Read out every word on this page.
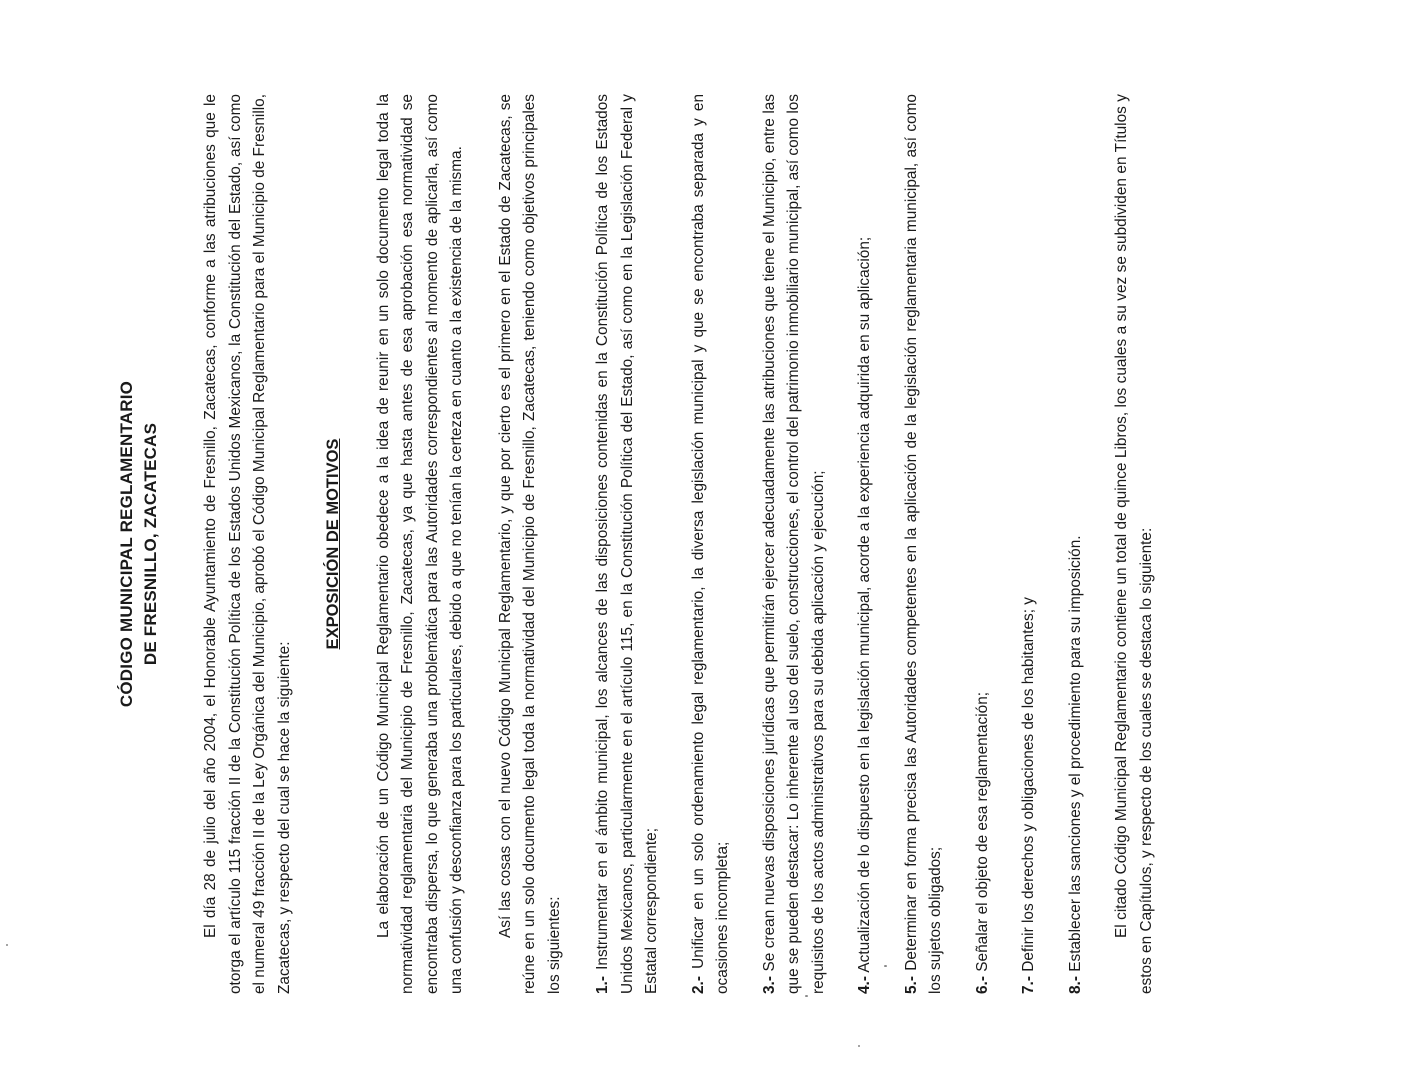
CÓDIGO MUNICIPAL REGLAMENTARIO DE FRESNILLO, ZACATECAS	El día 28 de julio del año 2004, el Honorable Ayuntamiento de Fresnillo, Zacatecas, conforme a las atribuciones que le otorga el artículo 115 fracción II de la Constitución Política de los Estados Unidos Mexicanos, la Constitución del Estado, así como el numeral 49 fracción II de la Ley Orgánica del Municipio, aprobó el Código Municipal Reglamentario para el Municipio de Fresnillo, Zacatecas, y respecto del cual se hace la siguiente:

EXPOSICIÓN DE MOTIVOS La elaboración de un Código Municipal Reglamentario obedece a la idea de reunir en un solo documento legal toda la normatividad reglamentaria del Municipio de Fresnillo, Zacatecas, ya que hasta antes de esa aprobación esa normatividad se encontraba dispersa, lo que generaba una problemática para las Autoridades correspondientes al momento de aplicarla, así como una confusión y desconfianza para los particulares, debido a que no tenían la certeza en cuanto a la existencia de la misma. Así las cosas con el nuevo Código Municipal Reglamentario, y que por cierto es el primero en el Estado de Zacatecas, se reúne en un solo documento legal toda la normatividad del Municipio de Fresnillo, Zacatecas, teniendo como objetivos principales los siguientes: 1.- Instrumentar en el ámbito municipal, los alcances de las disposiciones contenidas en la Constitución Política de los Estados Unidos Mexicanos, particularmente en el artículo 115, en la Constitución Política del Estado, así como en la Legislación Federal y Estatal correspondiente; 2.- Unificar en un solo ordenamiento legal reglamentario, la diversa legislación municipal y que se encontraba separada y en ocasiones incompleta; 3.- Se crean nuevas disposiciones jurídicas que permitirán ejercer adecuadamente las atribuciones que tiene el Municipio, entre las que se pueden destacar: Lo inherente al uso del suelo, construcciones, el control del patrimonio inmobiliario municipal, así como los requisitos de los actos administrativos para su debida aplicación y ejecución; 4.- Actualización de lo dispuesto en la legislación municipal, acorde a la experiencia adquirida en su aplicación;
5.- Determinar en forma precisa las Autoridades competentes en la aplicación de la legislación reglamentaria municipal, así como los sujetos obligados; 6.- Señalar el objeto de esa reglamentación;
7.- Definir los derechos y obligaciones de los habitantes; y
8.- Establecer las sanciones y el procedimiento para su imposición. El citado Código Municipal Reglamentario contiene un total de quince Libros, los cuales a su vez se subdividen en Títulos y estos en Capítulos, y respecto de los cuales se destaca lo siguiente:
